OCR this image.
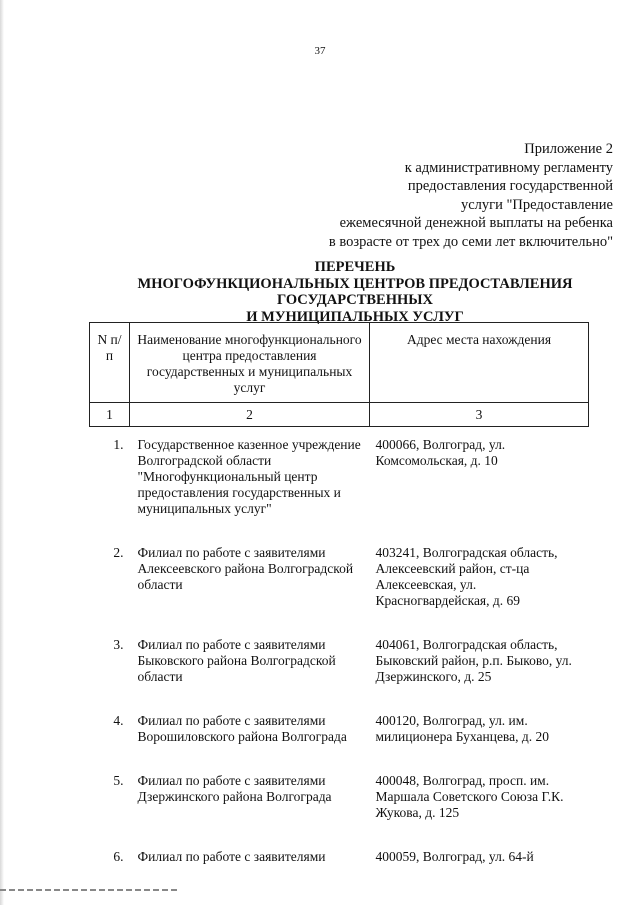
37
Приложение 2
к административному регламенту
предоставления государственной
услуги "Предоставление
ежемесячной денежной выплаты на ребенка
в возрасте от трех до семи лет включительно"
ПЕРЕЧЕНЬ
МНОГОФУНКЦИОНАЛЬНЫХ ЦЕНТРОВ ПРЕДОСТАВЛЕНИЯ
ГОСУДАРСТВЕННЫХ
И МУНИЦИПАЛЬНЫХ УСЛУГ
N п/п	Наименование многофункционального центра предоставления государственных и муниципальных услуг	Адрес места нахождения
1	2	3
1.	Государственное казенное учреждение Волгоградской области "Многофункциональный центр предоставления государственных и муниципальных услуг"	400066, Волгоград, ул. Комсомольская, д. 10
2.	Филиал по работе с заявителями Алексеевского района Волгоградской области	403241, Волгоградская область, Алексеевский район, ст-ца Алексеевская, ул. Красногвардейская, д. 69
3.	Филиал по работе с заявителями Быковского района Волгоградской области	404061, Волгоградская область, Быковский район, р.п. Быково, ул. Дзержинского, д. 25
4.	Филиал по работе с заявителями Ворошиловского района Волгограда	400120, Волгоград, ул. им. милиционера Буханцева, д. 20
5.	Филиал по работе с заявителями Дзержинского района Волгограда	400048, Волгоград, просп. им. Маршала Советского Союза Г.К. Жукова, д. 125
6.	Филиал по работе с заявителями	400059, Волгоград, ул. 64-й
